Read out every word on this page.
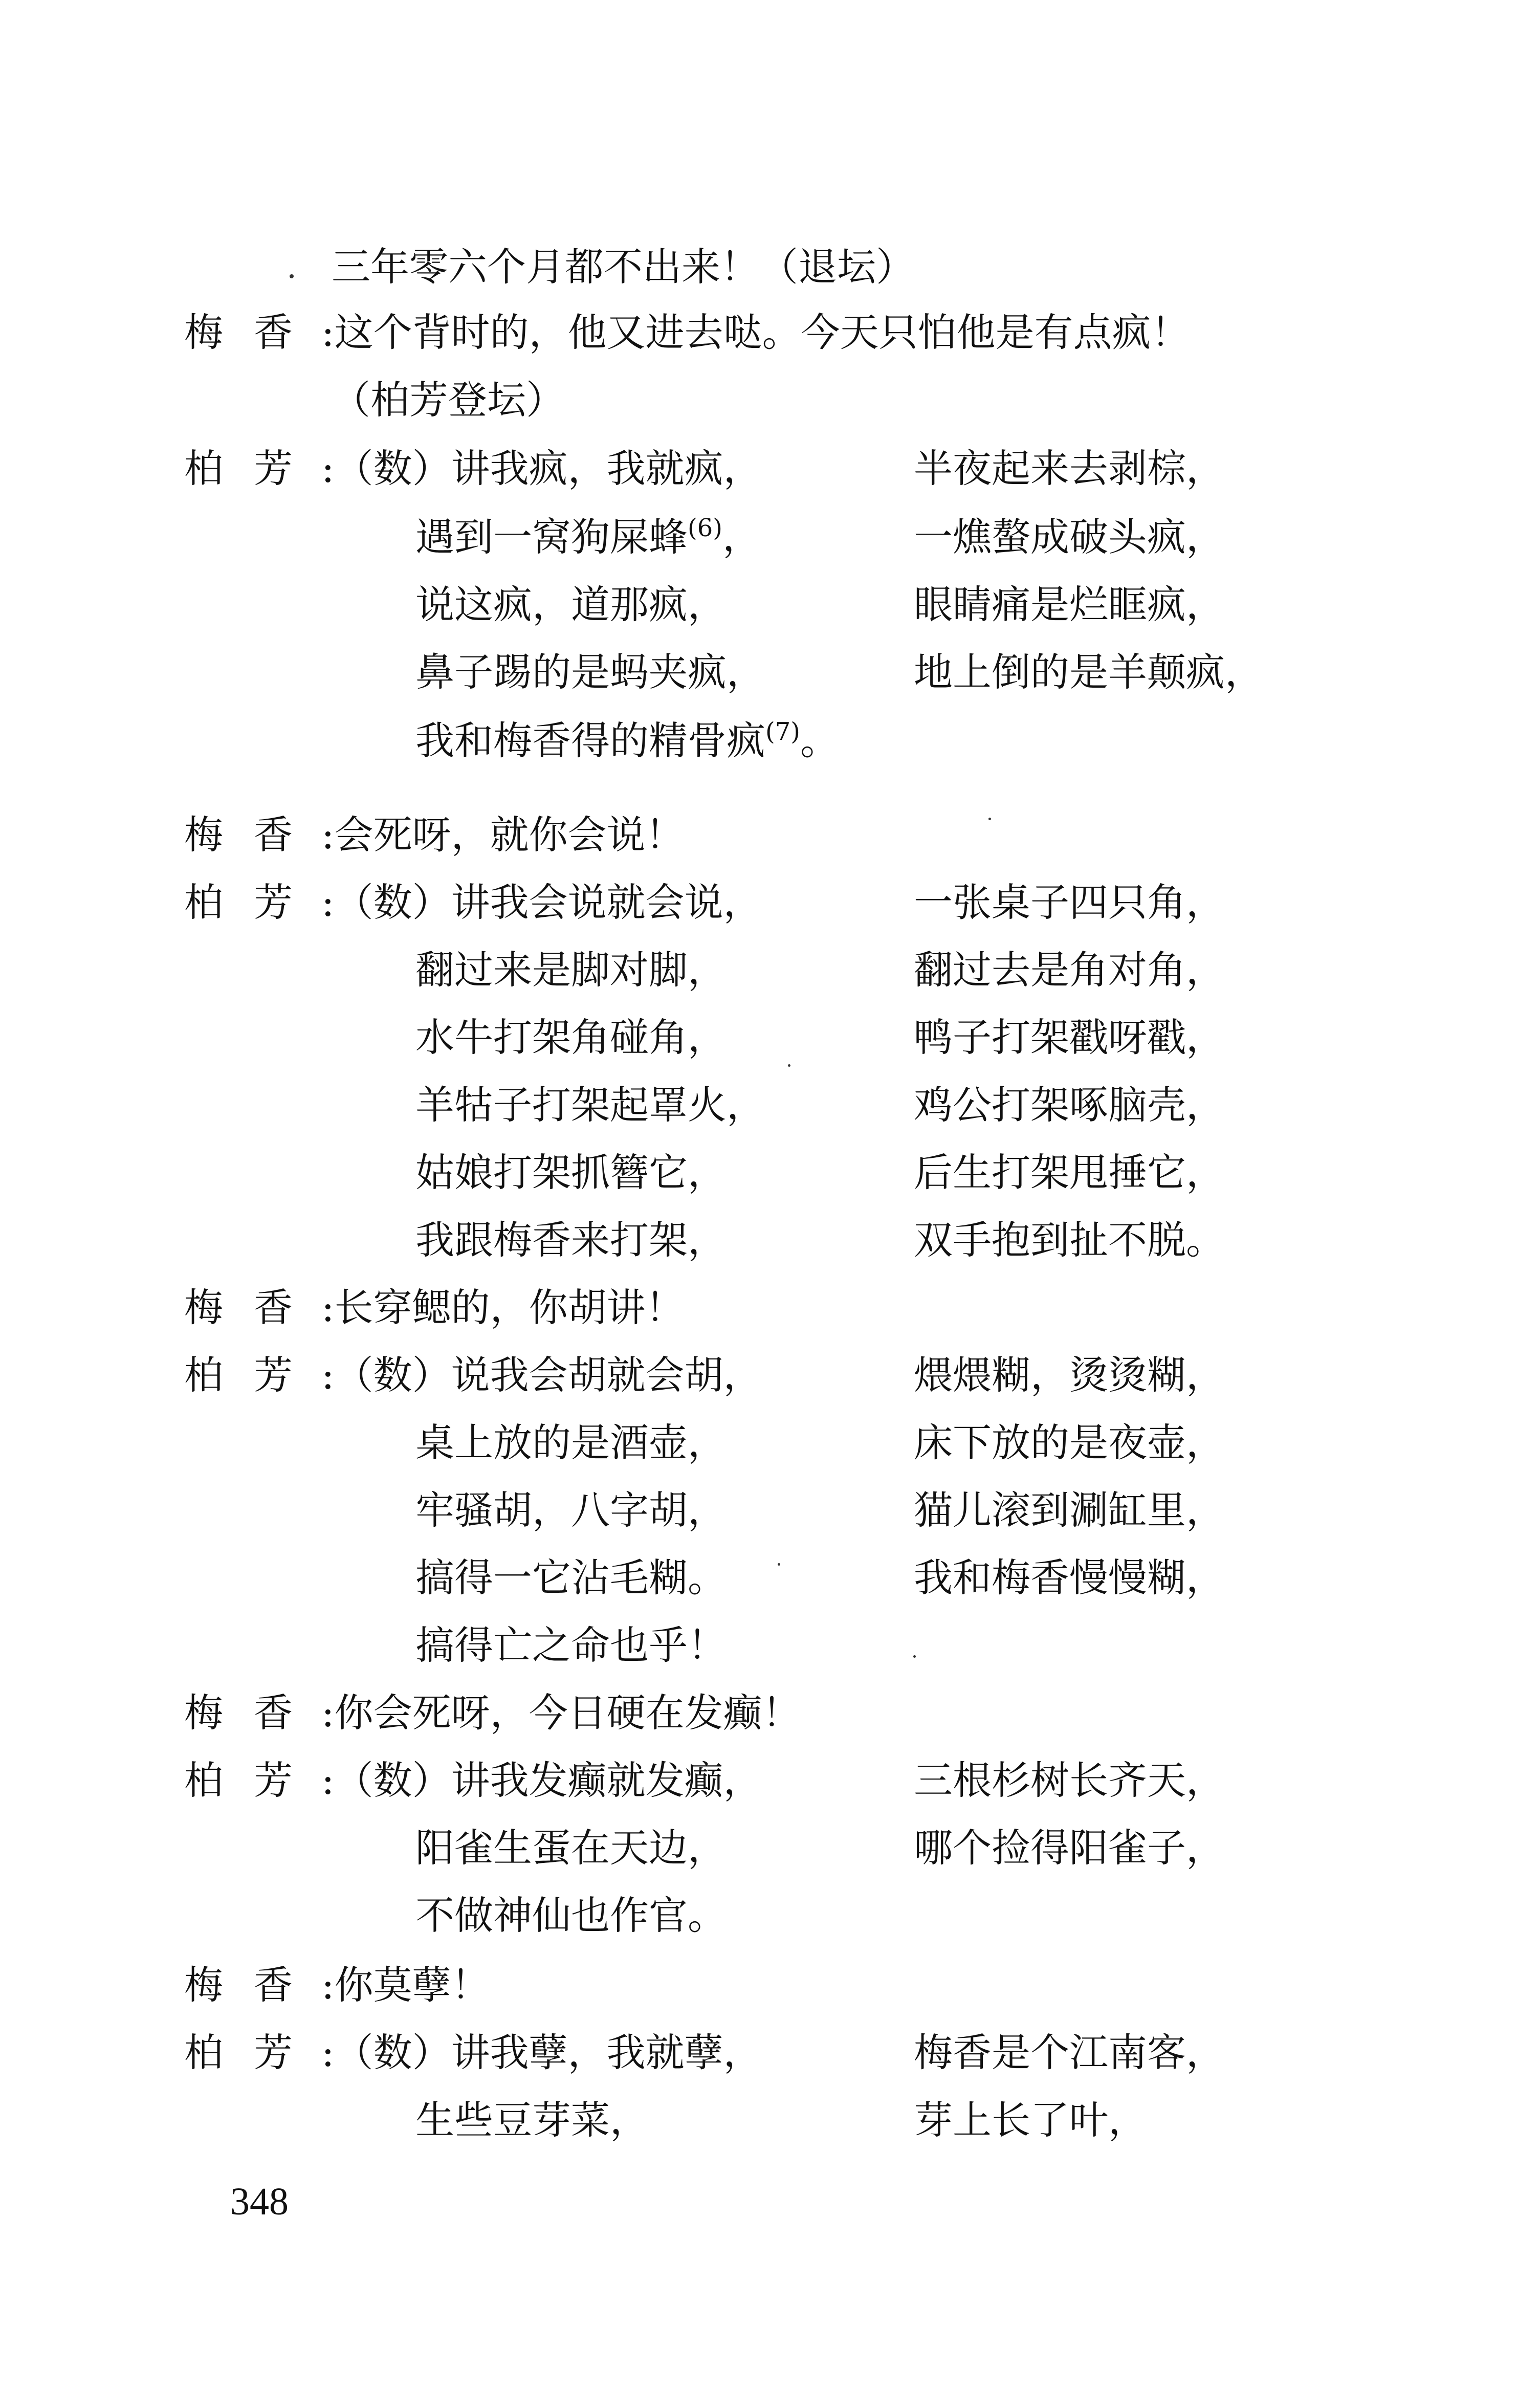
三年零六个月都不出来！（退坛）
梅香
:这个背时的，他又进去哒。今天只怕他是有点疯！
（柏芳登坛）
柏芳
:（数）讲我疯，我就疯，	半夜起来去剥棕，
遇到一窝狗屎蜂$^{(6)}$，	一燋螯成破头疯，
说这疯，道那疯，	眼睛痛是烂眶疯，
鼻子踢的是蚂夹疯，	地上倒的是羊颠疯，
我和梅香得的精骨疯$^{(7)}$。
梅香
:会死呀，就你会说！
柏芳
:（数）讲我会说就会说，	一张桌子四只角，
翻过来是脚对脚，	翻过去是角对角，
水牛打架角碰角，	鸭子打架戳呀戳，
羊牯子打架起罩火，	鸡公打架啄脑壳，
姑娘打架抓簪它，	后生打架甩捶它，
我跟梅香来打架，	双手抱到扯不脱。
梅香
:长穿鳃的，你胡讲！
柏芳
:（数）说我会胡就会胡，	煨煨糊，烫烫糊，
桌上放的是酒壶，	床下放的是夜壶，
牢骚胡，八字胡，	猫儿滚到涮缸里，
搞得一它沾毛糊。	我和梅香慢慢糊，
搞得亡之命也乎！
梅香
:你会死呀，今日硬在发癫！
柏芳
:（数）讲我发癫就发癫，	三根杉树长齐天，
阳雀生蛋在天边，	哪个捡得阳雀子，
不做神仙也作官。
梅香
:你莫孽！
柏芳
:（数）讲我孽，我就孽，	梅香是个江南客，
生些豆芽菜，	芽上长了叶，
348
